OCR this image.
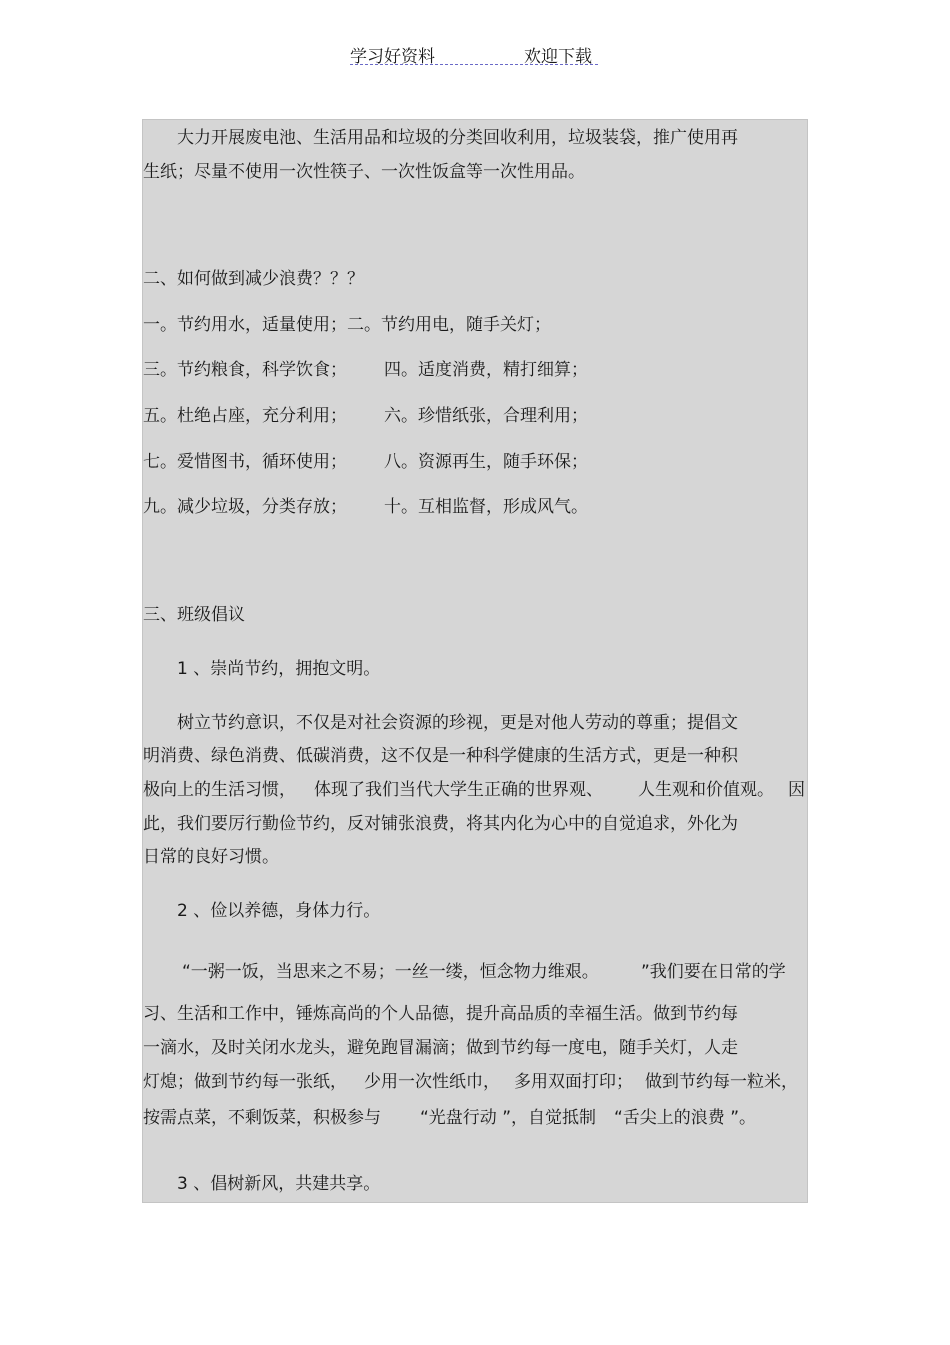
学习好资料	欢迎下载
大力开展废电池、生活用品和垃圾的分类回收利用，垃圾装袋，推广使用再
生纸；尽量不使用一次性筷子、一次性饭盒等一次性用品。
二、如何做到减少浪费？？？
一。节约用水，适量使用；二。节约用电，随手关灯；
三。节约粮食，科学饮食； 四。适度消费，精打细算；
五。杜绝占座，充分利用； 六。珍惜纸张，合理利用；
七。爱惜图书，循环使用； 八。资源再生，随手环保；
九。减少垃圾，分类存放； 十。互相监督，形成风气。
三、班级倡议
1 、崇尚节约，拥抱文明。
树立节约意识，不仅是对社会资源的珍视，更是对他人劳动的尊重；提倡文
明消费、绿色消费、低碳消费，这不仅是一种科学健康的生活方式，更是一种积
极向上的生活习惯， 体现了我们当代大学生正确的世界观、 人生观和价值观。 因
此，我们要厉行勤俭节约，反对铺张浪费，将其内化为心中的自觉追求，外化为
日常的良好习惯。
2 、俭以养德，身体力行。
“一粥一饭，当思来之不易；一丝一缕，恒念物力维艰。 ”我们要在日常的学
习、生活和工作中，锤炼高尚的个人品德，提升高品质的幸福生活。做到节约每
一滴水，及时关闭水龙头，避免跑冒漏滴；做到节约每一度电，随手关灯，人走
灯熄；做到节约每一张纸， 少用一次性纸巾， 多用双面打印； 做到节约每一粒米，
按需点菜，不剩饭菜，积极参与 “光盘行动 ”，自觉抵制 “舌尖上的浪费 ”。
3 、倡树新风，共建共享。
